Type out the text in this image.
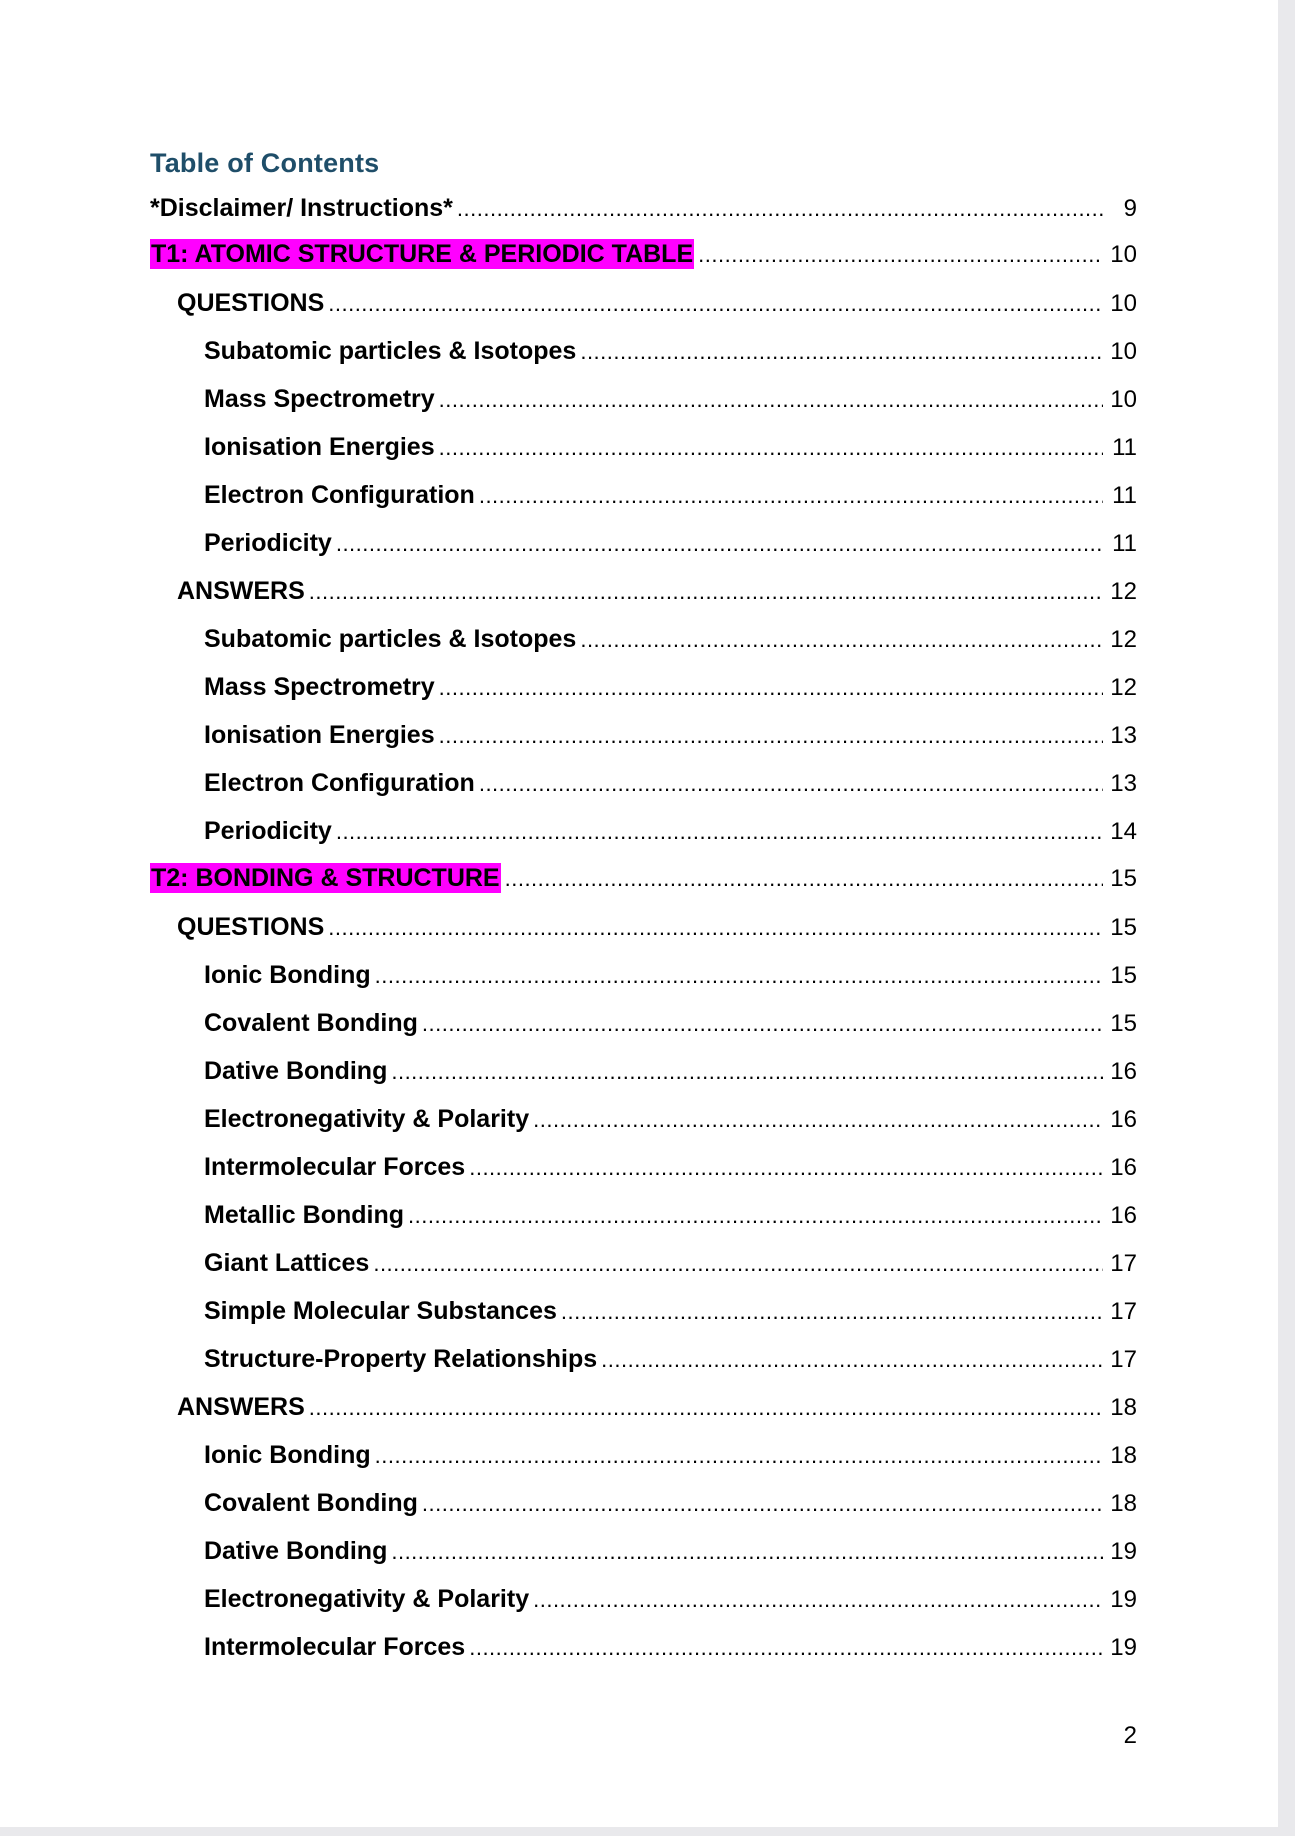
Table of Contents
*Disclaimer/ Instructions* .....	9
T1: ATOMIC STRUCTURE & PERIODIC TABLE .....	10
QUESTIONS .....	10
Subatomic particles & Isotopes .....	10
Mass Spectrometry .....	10
Ionisation Energies .....	11
Electron Configuration .....	11
Periodicity .....	11
ANSWERS .....	12
Subatomic particles & Isotopes .....	12
Mass Spectrometry .....	12
Ionisation Energies .....	13
Electron Configuration .....	13
Periodicity .....	14
T2: BONDING & STRUCTURE .....	15
QUESTIONS .....	15
Ionic Bonding .....	15
Covalent Bonding .....	15
Dative Bonding .....	16
Electronegativity & Polarity .....	16
Intermolecular Forces .....	16
Metallic Bonding .....	16
Giant Lattices .....	17
Simple Molecular Substances .....	17
Structure-Property Relationships .....	17
ANSWERS .....	18
Ionic Bonding .....	18
Covalent Bonding .....	18
Dative Bonding .....	19
Electronegativity & Polarity .....	19
Intermolecular Forces .....	19
2
